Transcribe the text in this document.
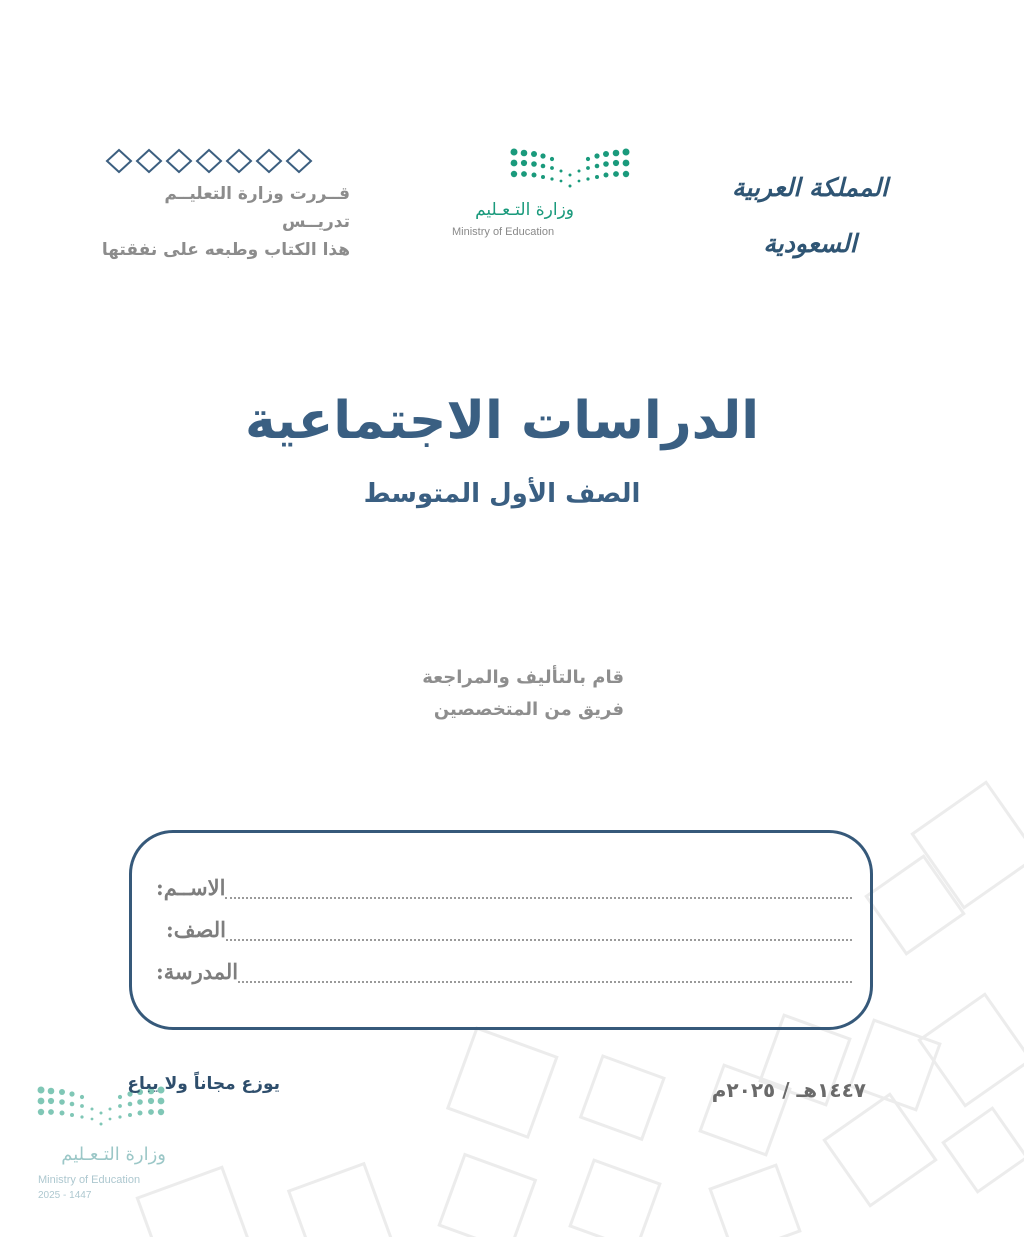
قــررت وزارة التعليــم تدريــس
هذا الكتاب وطبعه على نفقتها
وزارة التـعـليم
Ministry of Education
المملكة العربية السعودية
الدراسات الاجتماعية
الصف الأول المتوسط
قام بالتأليف والمراجعة
فريق من المتخصصين
الاســم:
الصف:
المدرسة:
يوزع مجاناً ولا يباع	١٤٤٧هـ / ٢٠٢٥م
وزارة التـعـليم
Ministry of Education
2025 - 1447
